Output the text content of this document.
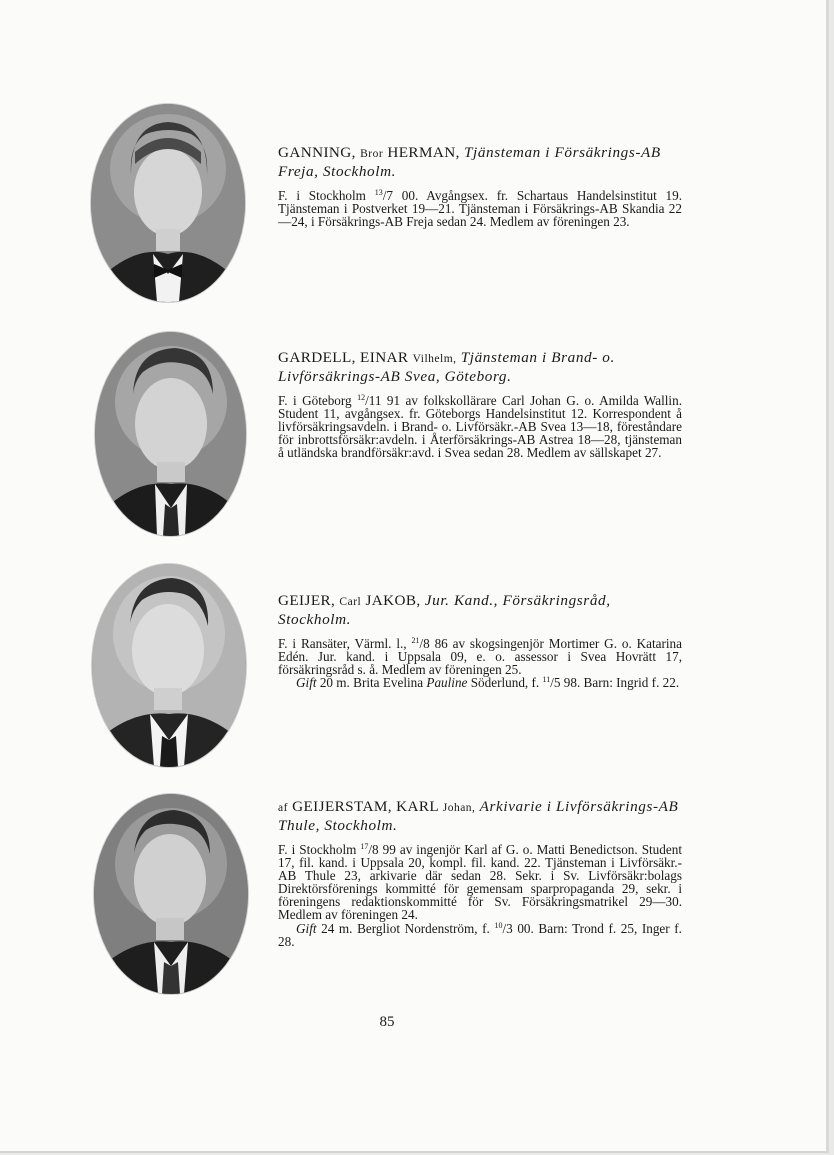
GANNING, Bror HERMAN, Tjänsteman i Försäkrings-AB Freja, Stockholm.

F. i Stockholm $^{13}$/7 00. Avgångsex. fr. Schartaus Handelsinstitut 19. Tjänsteman i Postverket 19—21. Tjänsteman i Försäkrings-AB Skandia 22—24, i Försäkrings-AB Freja sedan 24. Medlem av föreningen 23.

GARDELL, EINAR Vilhelm, Tjänsteman i Brand- o. Livförsäkrings-AB Svea, Göteborg.

F. i Göteborg $^{12}$/11 91 av folkskollärare Carl Johan G. o. Amilda Wallin. Student 11, avgångsex. fr. Göteborgs Handelsinstitut 12. Korrespondent å livförsäkringsavdeln. i Brand- o. Livförsäkr.-AB Svea 13—18, föreståndare för inbrottsförsäkr:avdeln. i Återförsäkrings-AB Astrea 18—28, tjänsteman å utländska brandförsäkr:avd. i Svea sedan 28. Medlem av sällskapet 27.

GEIJER, Carl JAKOB, Jur. Kand., Försäkringsråd, Stockholm.

F. i Ransäter, Värml. l., $^{21}$/8 86 av skogsingenjör Mortimer G. o. Katarina Edén. Jur. kand. i Uppsala 09, e. o. assessor i Svea Hovrätt 17, försäkringsråd s. å. Medlem av föreningen 25.

Gift 20 m. Brita Evelina Pauline Söderlund, f. $^{11}$/5 98. Barn: Ingrid f. 22.

af GEIJERSTAM, KARL Johan, Arkivarie i Livförsäkrings-AB Thule, Stockholm.

F. i Stockholm $^{17}$/8 99 av ingenjör Karl af G. o. Matti Benedictson. Student 17, fil. kand. i Uppsala 20, kompl. fil. kand. 22. Tjänsteman i Livförsäkr.-AB Thule 23, arkivarie där sedan 28. Sekr. i Sv. Livförsäkr:bolags Direktörsförenings kommitté för gemensam sparpropaganda 29, sekr. i föreningens redaktionskommitté för Sv. Försäkringsmatrikel 29—30. Medlem av föreningen 24.

Gift 24 m. Bergliot Nordenström, f. $^{10}$/3 00. Barn: Trond f. 25, Inger f. 28.

85
